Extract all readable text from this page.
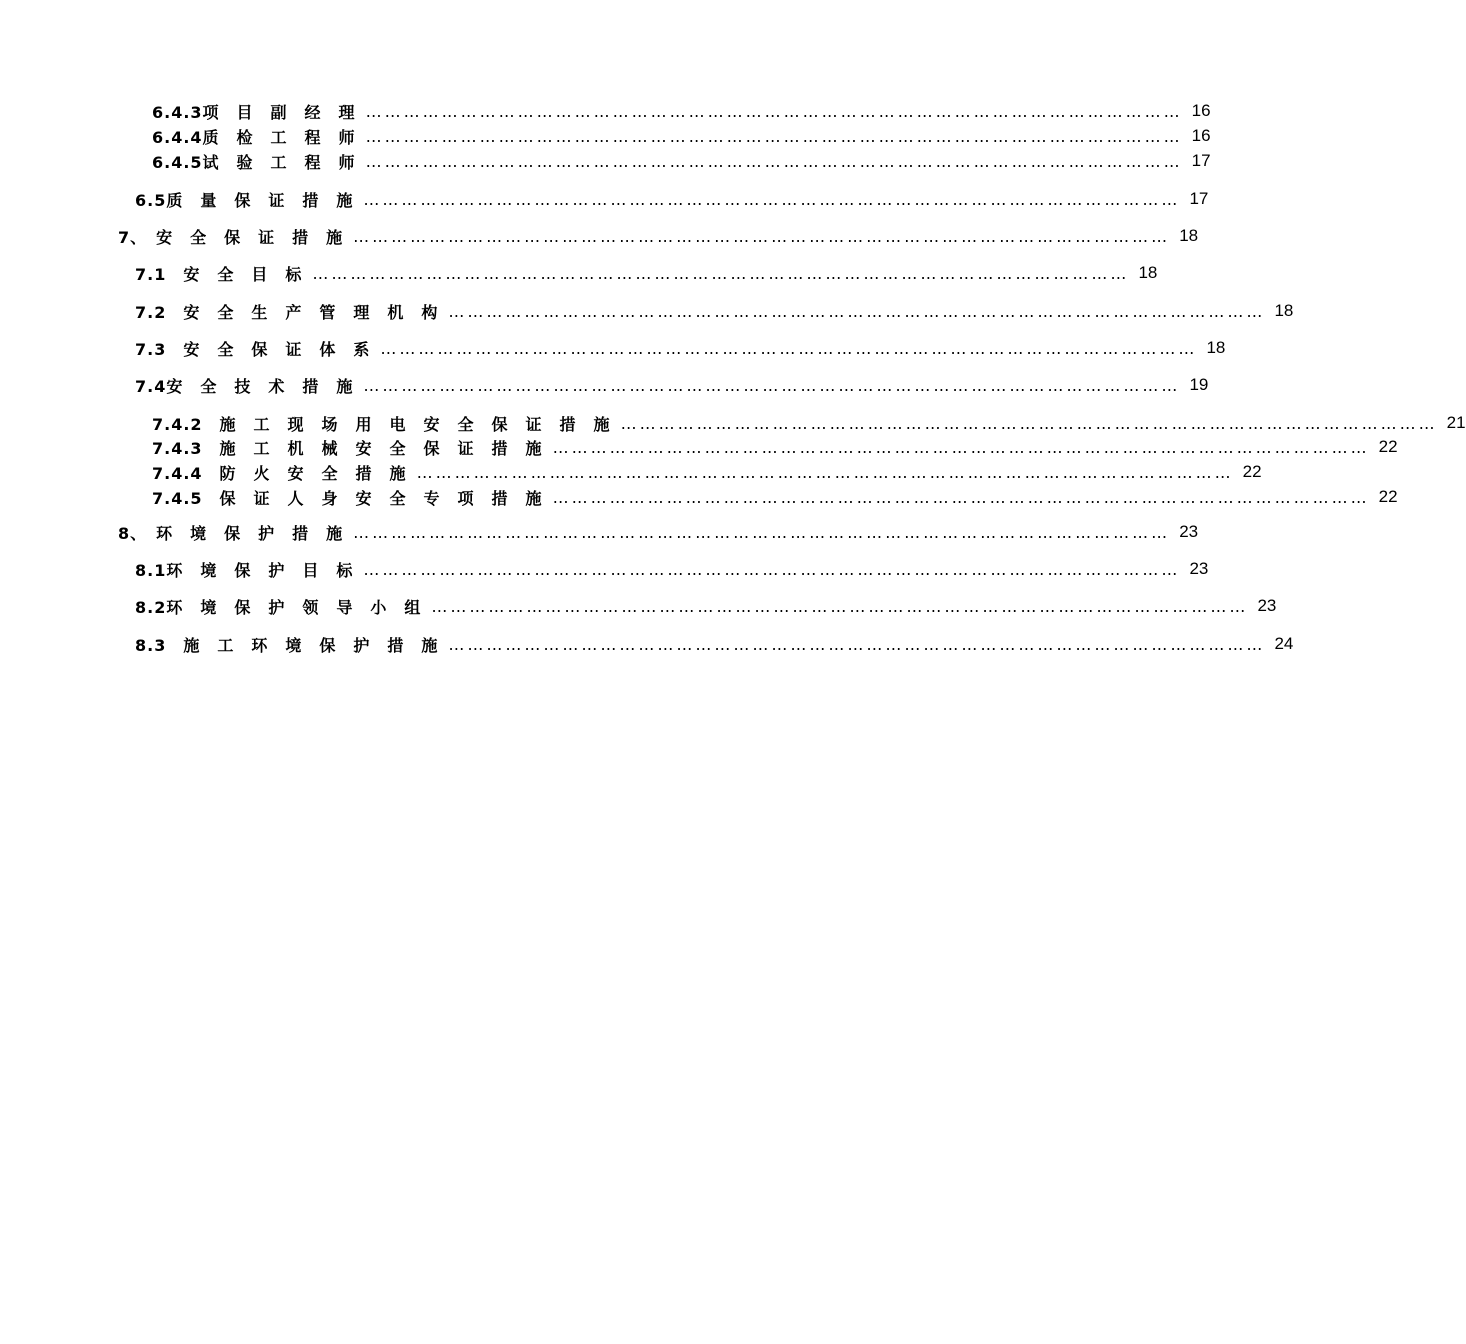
6.4.3项　目　副　经　理 ………………………………………………………………………………………………………………… 16
6.4.4质　检　工　程　师 ………………………………………………………………………………………………………………… 16
6.4.5试　验　工　程　师 ………………………………………………………………………………………………………………… 17
6.5质　量　保　证　措　施 ………………………………………………………………………………………………………………… 17
7、　安　全　保　证　措　施 ………………………………………………………………………………………………………………… 18
7.1　安　全　目　标 ………………………………………………………………………………………………………………… 18
7.2　安　全　生　产　管　理　机　构 ………………………………………………………………………………………………………………… 18
7.3　安　全　保　证　体　系 ………………………………………………………………………………………………………………… 18
7.4安　全　技　术　措　施 ………………………………………………………………………………………………………………… 19
7.4.2　施　工　现　场　用　电　安　全　保　证　措　施 ………………………………………………………………………………………………………………… 21
7.4.3　施　工　机　械　安　全　保　证　措　施 ………………………………………………………………………………………………………………… 22
7.4.4　防　火　安　全　措　施 ………………………………………………………………………………………………………………… 22
7.4.5　保　证　人　身　安　全　专　项　措　施 ………………………………………………………………………………………………………………… 22
8、　环　境　保　护　措　施 ………………………………………………………………………………………………………………… 23
8.1环　境　保　护　目　标 ………………………………………………………………………………………………………………… 23
8.2环　境　保　护　领　导　小　组 ………………………………………………………………………………………………………………… 23
8.3　施　工　环　境　保　护　措　施 ………………………………………………………………………………………………………………… 24
